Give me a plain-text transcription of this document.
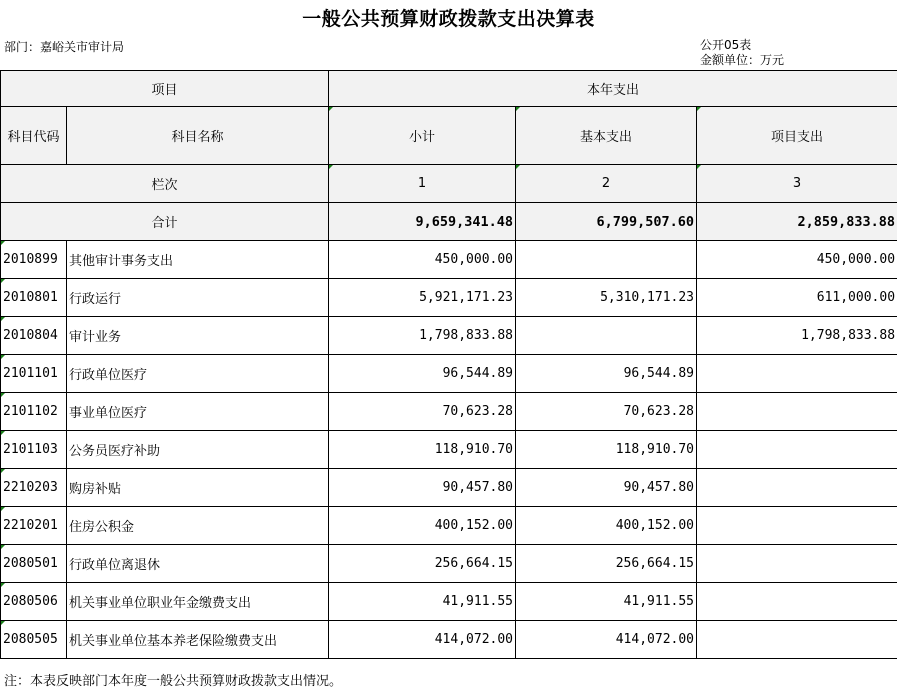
一般公共预算财政拨款支出决算表
部门：嘉峪关市审计局	公开05表
金额单位：万元
项目		本年支出		
科目代码	科目名称	小计	基本支出	项目支出
栏次		1	2	3
合计		9,659,341.48	6,799,507.60	2,859,833.88
2010899	其他审计事务支出	450,000.00		450,000.00
2010801	行政运行	5,921,171.23	5,310,171.23	611,000.00
2010804	审计业务	1,798,833.88		1,798,833.88
2101101	行政单位医疗	96,544.89	96,544.89	
2101102	事业单位医疗	70,623.28	70,623.28	
2101103	公务员医疗补助	118,910.70	118,910.70	
2210203	购房补贴	90,457.80	90,457.80	
2210201	住房公积金	400,152.00	400,152.00	
2080501	行政单位离退休	256,664.15	256,664.15	
2080506	机关事业单位职业年金缴费支出	41,911.55	41,911.55	
2080505	机关事业单位基本养老保险缴费支出	414,072.00	414,072.00	
注：本表反映部门本年度一般公共预算财政拨款支出情况。
